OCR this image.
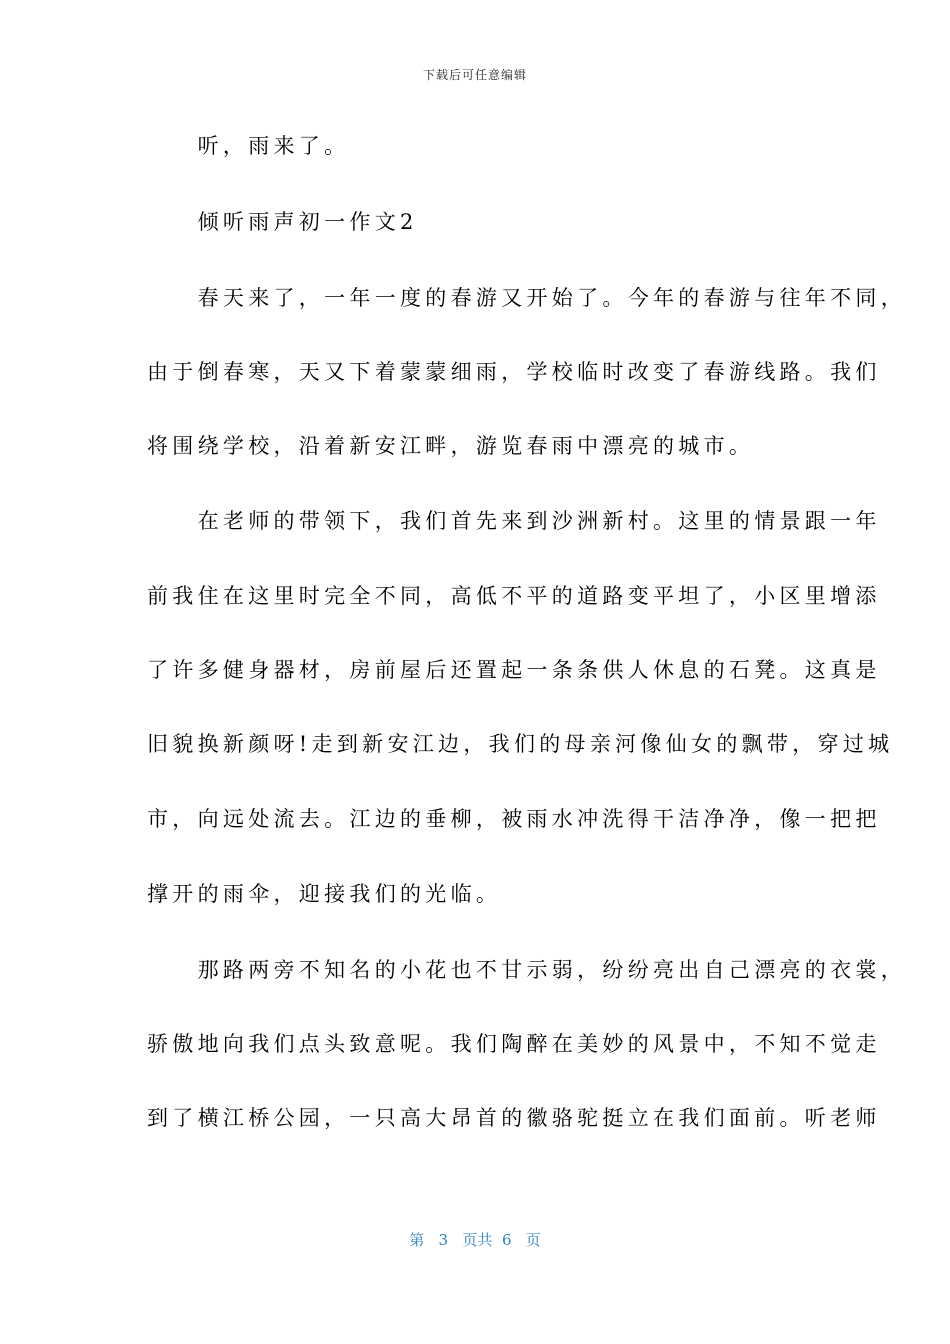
下载后可任意编辑
　　听，雨来了。
　　倾听雨声初一作文2
　　春天来了，一年一度的春游又开始了。今年的春游与往年不同，
由于倒春寒，天又下着蒙蒙细雨，学校临时改变了春游线路。我们
将围绕学校，沿着新安江畔，游览春雨中漂亮的城市。
　　在老师的带领下，我们首先来到沙洲新村。这里的情景跟一年
前我住在这里时完全不同，高低不平的道路变平坦了，小区里增添
了许多健身器材，房前屋后还置起一条条供人休息的石凳。这真是
旧貌换新颜呀!走到新安江边，我们的母亲河像仙女的飘带，穿过城
市，向远处流去。江边的垂柳，被雨水冲洗得干洁净净，像一把把
撑开的雨伞，迎接我们的光临。
　　那路两旁不知名的小花也不甘示弱，纷纷亮出自己漂亮的衣裳，
骄傲地向我们点头致意呢。我们陶醉在美妙的风景中，不知不觉走
到了横江桥公园，一只高大昂首的徽骆驼挺立在我们面前。听老师
第 3 页共 6 页
